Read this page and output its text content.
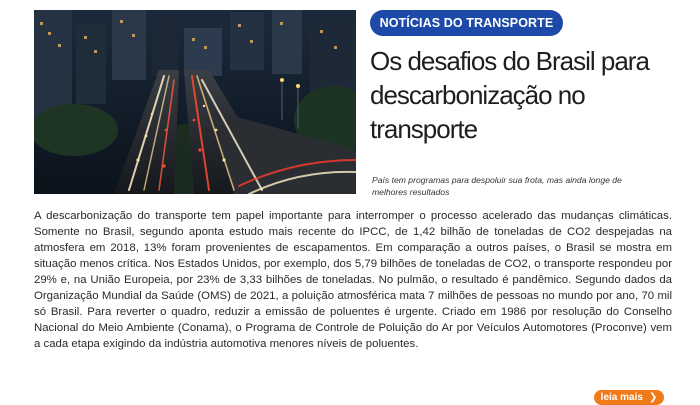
NOTÍCIAS DO TRANSPORTE
Os desafios do Brasil para descarbonização no transporte

País tem programas para despoluir sua frota, mas ainda longe de melhores resultados

A descarbonização do transporte tem papel importante para interromper o processo acelerado das mudanças climáticas. Somente no Brasil, segundo aponta estudo mais recente do IPCC, de 1,42 bilhão de toneladas de CO2 despejadas na atmosfera em 2018, 13% foram provenientes de escapamentos. Em comparação a outros países, o Brasil se mostra em situação menos crítica. Nos Estados Unidos, por exemplo, dos 5,79 bilhões de toneladas de CO2, o transporte respondeu por 29% e, na União Europeia, por 23% de 3,33 bilhões de toneladas. No pulmão, o resultado é pandêmico. Segundo dados da Organização Mundial da Saúde (OMS) de 2021, a poluição atmosférica mata 7 milhões de pessoas no mundo por ano, 70 mil só Brasil. Para reverter o quadro, reduzir a emissão de poluentes é urgente. Criado em 1986 por resolução do Conselho Nacional do Meio Ambiente (Conama), o Programa de Controle de Poluição do Ar por Veículos Automotores (Proconve) vem a cada etapa exigindo da indústria automotiva menores níveis de poluentes.

leia mais ❯
